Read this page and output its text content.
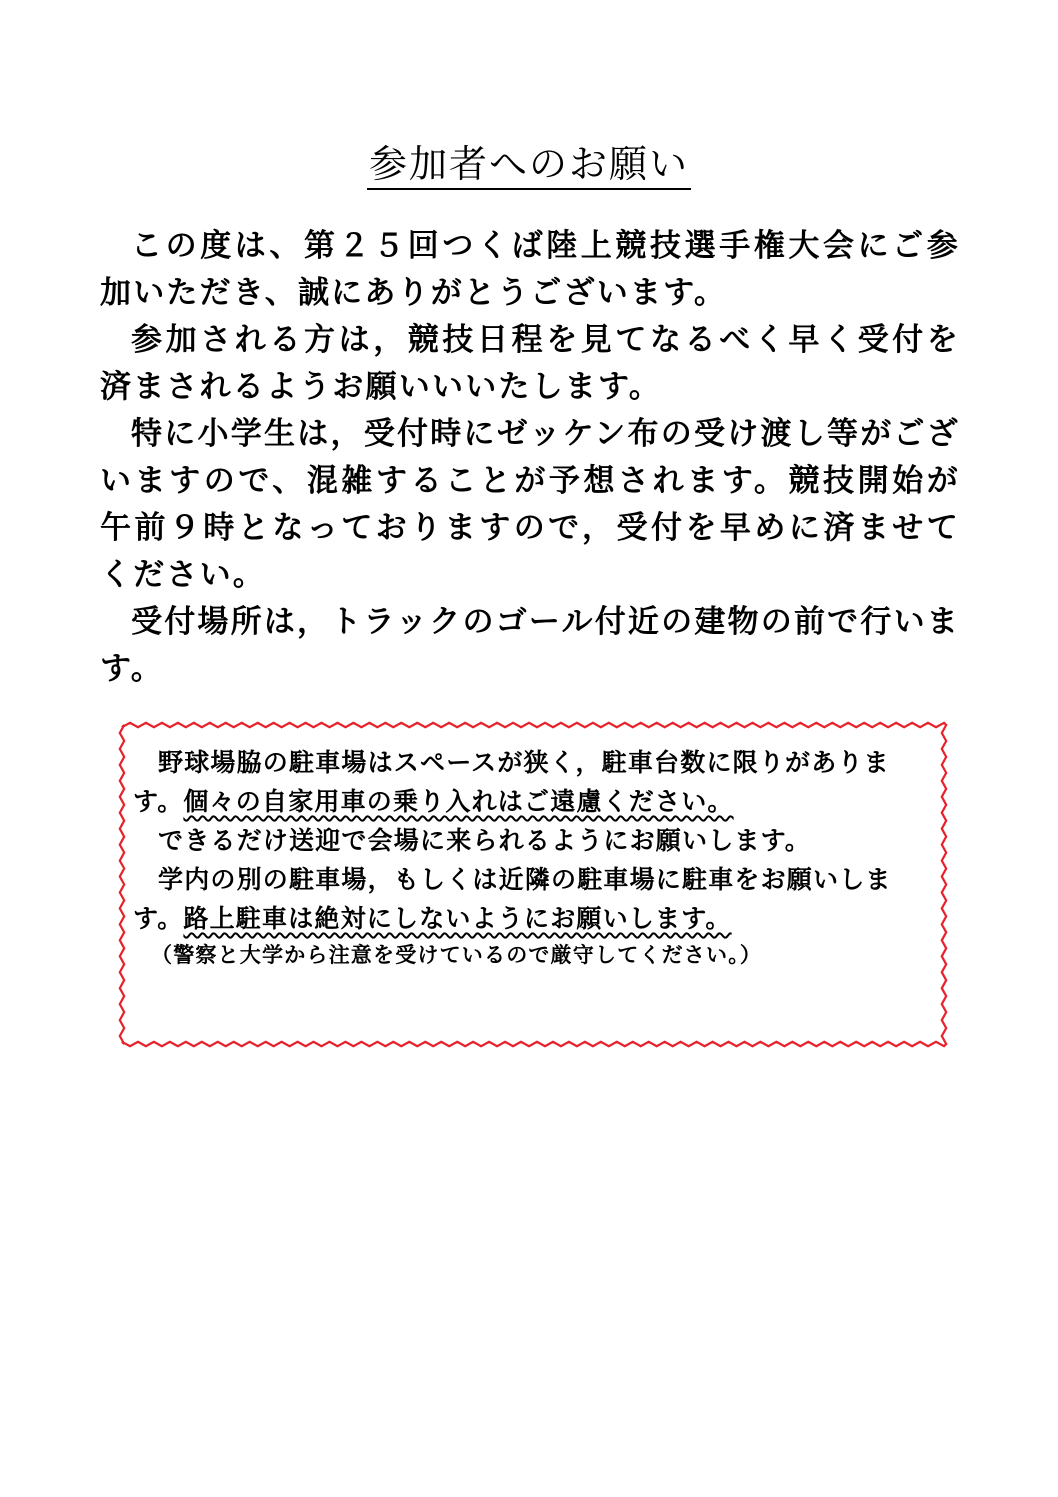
参加者へのお願い

この度は、第２５回つくば陸上競技選手権大会にご参加いただき、誠にありがとうございます。

参加される方は，競技日程を見てなるべく早く受付を済まされるようお願いいいたします。

特に小学生は，受付時にゼッケン布の受け渡し等がございますので、混雑することが予想されます。競技開始が午前９時となっておりますので，受付を早めに済ませてください。

受付場所は，トラックのゴール付近の建物の前で行います。

野球場脇の駐車場はスペースが狭く，駐車台数に限りがあります。個々の自家用車の乗り入れはご遠慮ください。

できるだけ送迎で会場に来られるようにお願いします。

学内の別の駐車場，もしくは近隣の駐車場に駐車をお願いします。路上駐車は絶対にしないようにお願いします。

（警察と大学から注意を受けているので厳守してください。）
